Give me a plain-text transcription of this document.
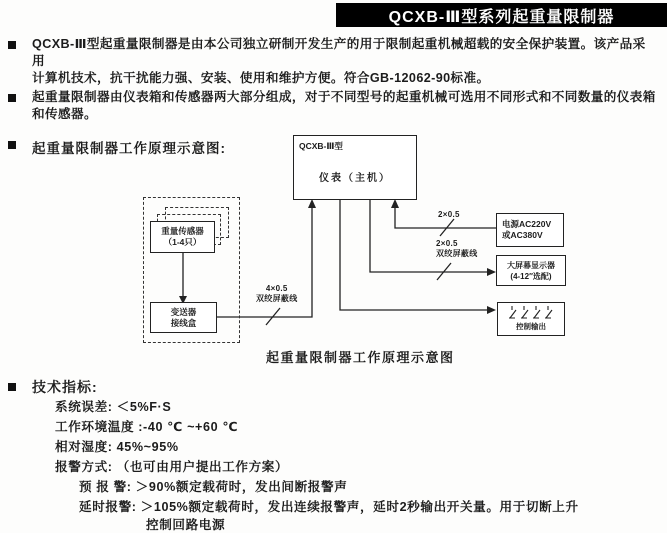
QCXB-Ⅲ型系列起重量限制器
QCXB-Ⅲ型起重量限制器是由本公司独立研制开发生产的用于限制起重机械超载的安全保护装置。该产品采用
计算机技术，抗干扰能力强、安装、使用和维护方便。符合GB-12062-90标准。
起重量限制器由仪表箱和传感器两大部分组成，对于不同型号的起重机械可选用不同形式和不同数量的仪表箱
和传感器。
起重量限制器工作原理示意图:	QCXB-Ⅲ型
仪表（主机）
重量传感器
（1-4只）
变送器
接线盒
电源AC220V
或AC380V
大屏幕显示器
(4-12″选配)
控制输出
4×0.5
双绞屏蔽线
2×0.5
2×0.5
双绞屏蔽线
起重量限制器工作原理示意图
技术指标:
系统误差: ＜5%F·S
工作环境温度 :-40 ℃ ~+60 ℃
相对湿度: 45%~95%
报警方式: （也可由用户提出工作方案）
预 报 警: ＞90%额定载荷时，发出间断报警声
延时报警: ＞105%额定载荷时，发出连续报警声，延时2秒输出开关量。用于切断上升
控制回路电源
